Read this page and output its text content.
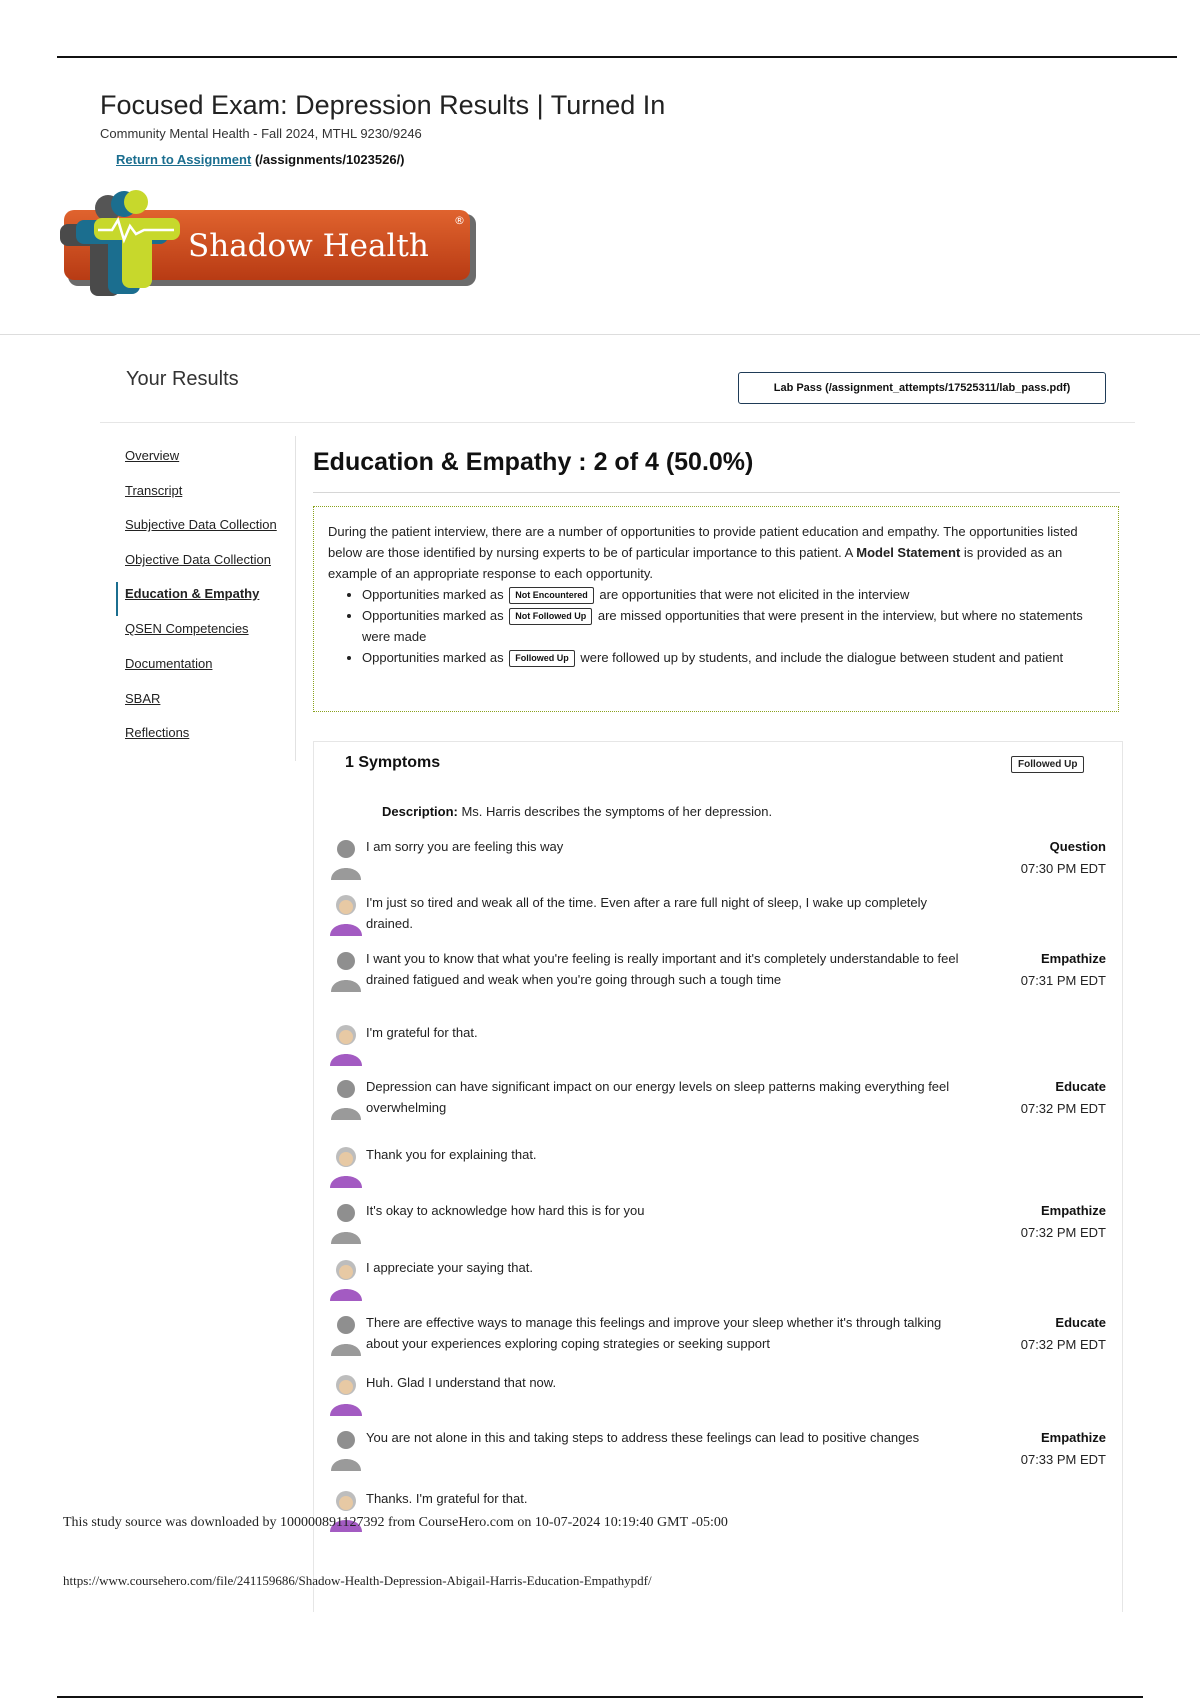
Focused Exam: Depression Results | Turned In
Community Mental Health - Fall 2024, MTHL 9230/9246
Return to Assignment (/assignments/1023526/)
Shadow Health
®
Your Results	Lab Pass (/assignment_attempts/17525311/lab_pass.pdf)
Overview
Transcript
Subjective Data Collection
Objective Data Collection
Education & Empathy
QSEN Competencies
Documentation
SBAR
Reflections
Education & Empathy : 2 of 4 (50.0%)

During the patient interview, there are a number of opportunities to provide patient education and empathy. The opportunities listed below are those identified by nursing experts to be of particular importance to this patient. A Model Statement is provided as an example of an appropriate response to each opportunity.

• Opportunities marked as Not Encountered are opportunities that were not elicited in the interview
• Opportunities marked as Not Followed Up are missed opportunities that were present in the interview, but where no statements were made
• Opportunities marked as Followed Up were followed up by students, and include the dialogue between student and patient
1 Symptoms	Followed Up
Description: Ms. Harris describes the symptoms of her depression.
I am sorry you are feeling this way	Question
07:30 PM EDT
I'm just so tired and weak all of the time. Even after a rare full night of sleep, I wake up completely drained.
I want you to know that what you're feeling is really important and it's completely understandable to feel drained fatigued and weak when you're going through such a tough time
Empathize
07:31 PM EDT
I'm grateful for that.
Depression can have significant impact on our energy levels on sleep patterns making everything feel overwhelming
Educate
07:32 PM EDT
Thank you for explaining that.
It's okay to acknowledge how hard this is for you	Empathize
07:32 PM EDT
I appreciate your saying that.
There are effective ways to manage this feelings and improve your sleep whether it's through talking about your experiences exploring coping strategies or seeking support
Educate
07:32 PM EDT
Huh. Glad I understand that now.
You are not alone in this and taking steps to address these feelings can lead to positive changes	Empathize
07:33 PM EDT
Thanks. I'm grateful for that.
This study source was downloaded by 100000891127392 from CourseHero.com on 10-07-2024 10:19:40 GMT -05:00
https://www.coursehero.com/file/241159686/Shadow-Health-Depression-Abigail-Harris-Education-Empathypdf/
